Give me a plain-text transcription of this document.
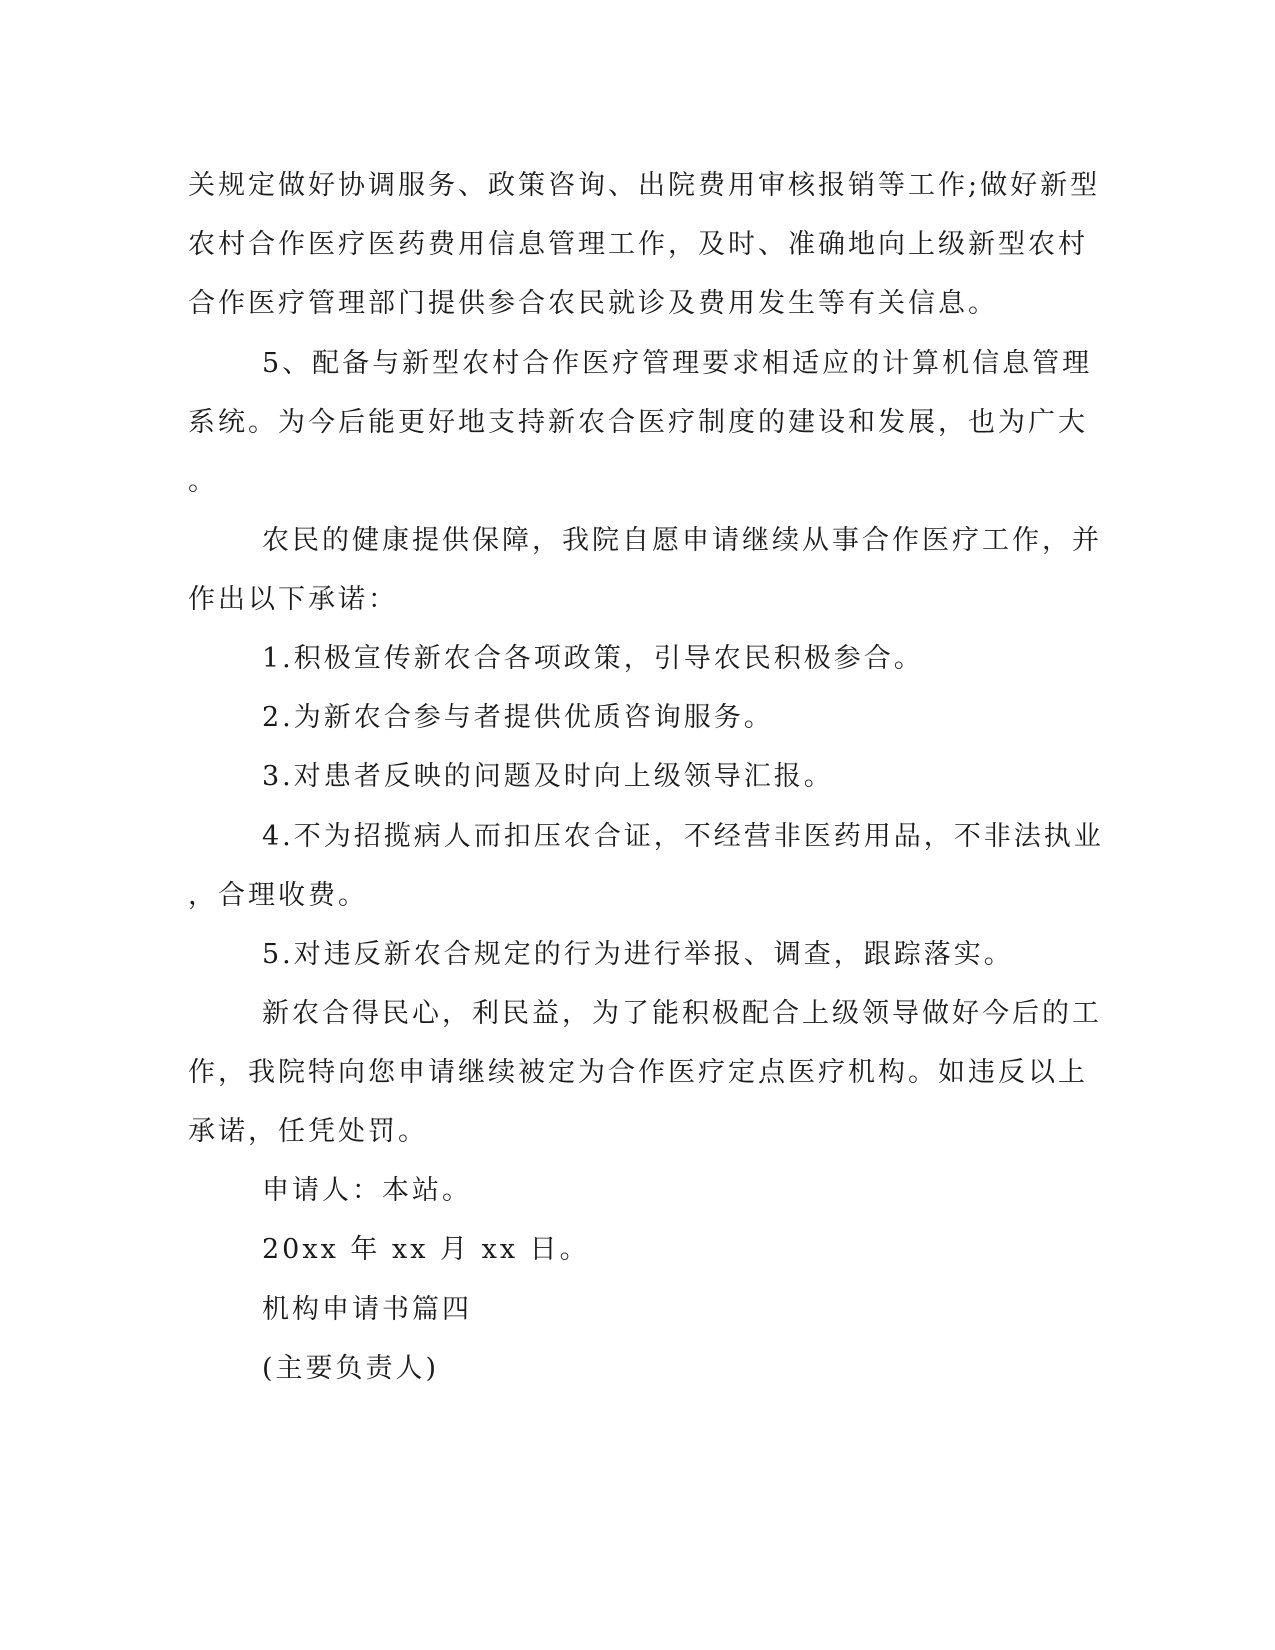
关规定做好协调服务、政策咨询、出院费用审核报销等工作;做好新型
农村合作医疗医药费用信息管理工作，及时、准确地向上级新型农村
合作医疗管理部门提供参合农民就诊及费用发生等有关信息。
5、配备与新型农村合作医疗管理要求相适应的计算机信息管理
系统。为今后能更好地支持新农合医疗制度的建设和发展，也为广大
。
农民的健康提供保障，我院自愿申请继续从事合作医疗工作，并
作出以下承诺：
1.积极宣传新农合各项政策，引导农民积极参合。
2.为新农合参与者提供优质咨询服务。
3.对患者反映的问题及时向上级领导汇报。
4.不为招揽病人而扣压农合证，不经营非医药用品，不非法执业
，合理收费。
5.对违反新农合规定的行为进行举报、调查，跟踪落实。
新农合得民心，利民益，为了能积极配合上级领导做好今后的工
作，我院特向您申请继续被定为合作医疗定点医疗机构。如违反以上
承诺，任凭处罚。
申请人：本站。
20xx 年 xx 月 xx 日。
机构申请书篇四
(主要负责人)
